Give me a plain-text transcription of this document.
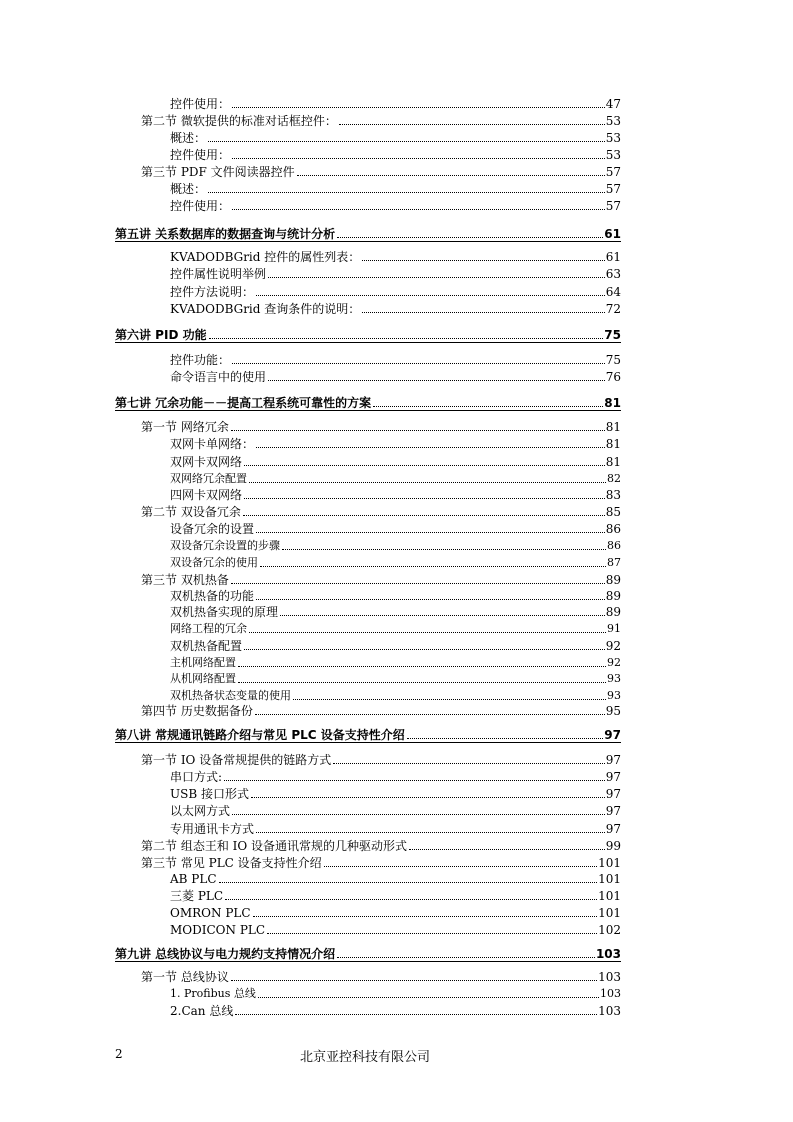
控件使用：	47
第二节 微软提供的标准对话框控件：	53
概述：	53
控件使用：	53
第三节 PDF 文件阅读器控件	57
概述：	57
控件使用：	57
第五讲 关系数据库的数据查询与统计分析	61
KVADODBGrid 控件的属性列表：	61
控件属性说明举例	63
控件方法说明：	64
KVADODBGrid 查询条件的说明：	72
第六讲 PID 功能	75
控件功能：	75
命令语言中的使用	76
第七讲 冗余功能－－提高工程系统可靠性的方案	81
第一节 网络冗余	81
双网卡单网络：	81
双网卡双网络	81
双网络冗余配置	82
四网卡双网络	83
第二节 双设备冗余	85
设备冗余的设置	86
双设备冗余设置的步骤	86
双设备冗余的使用	87
第三节 双机热备	89
双机热备的功能	89
双机热备实现的原理	89
网络工程的冗余	91
双机热备配置	92
主机网络配置	92
从机网络配置	93
双机热备状态变量的使用	93
第四节 历史数据备份	95
第八讲 常规通讯链路介绍与常见 PLC 设备支持性介绍	97
第一节 IO 设备常规提供的链路方式	97
串口方式:	97
USB 接口形式	97
以太网方式	97
专用通讯卡方式	97
第二节 组态王和 IO 设备通讯常规的几种驱动形式	99
第三节 常见 PLC 设备支持性介绍	101
AB PLC	101
三菱 PLC	101
OMRON PLC	101
MODICON PLC	102
第九讲 总线协议与电力规约支持情况介绍	103
第一节 总线协议	103
1. Profibus 总线	103
2.Can 总线	103
2	北京亚控科技有限公司
